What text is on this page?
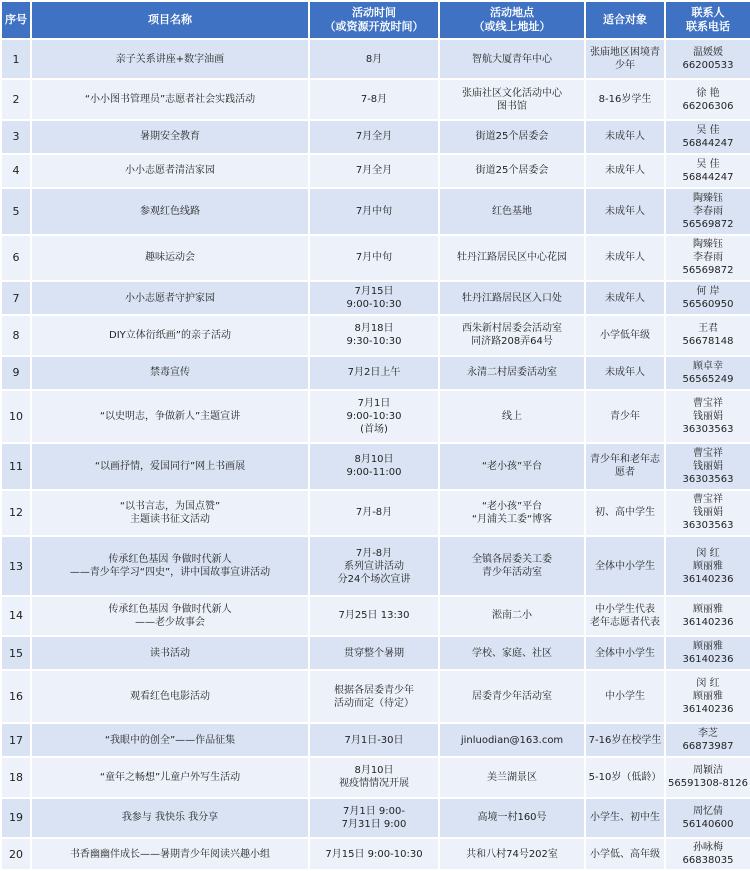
序号	项目名称	活动时间
（或资源开放时间）	活动地点
（或线上地址）	适合对象	联系人
联系电话
1	亲子关系讲座+数字油画	8月	智航大厦青年中心	张庙地区困境青少年	温媛媛
66200533
2	“小小图书管理员”志愿者社会实践活动	7-8月	张庙社区文化活动中心
图书馆	8-16岁学生	徐 艳
66206306
3	暑期安全教育	7月全月	街道25个居委会	未成年人	吴 佳
56844247
4	小小志愿者清洁家园	7月全月	街道25个居委会	未成年人	吴 佳
56844247
5	参观红色线路	7月中旬	红色基地	未成年人	陶臻钰
李春雨
56569872
6	趣味运动会	7月中旬	牡丹江路居民区中心花园	未成年人	陶臻钰
李春雨
56569872
7	小小志愿者守护家园	7月15日
9:00-10:30	牡丹江路居民区入口处	未成年人	何 岸
56560950
8	DIY立体衍纸画”的亲子活动	8月18日
9:30-10:30	西朱新村居委会活动室
同济路208弄64号	小学低年级	王君
56678148
9	禁毒宣传	7月2日上午	永清二村居委活动室	未成年人	顾卓幸
56565249
10	“以史明志，争做新人”主题宣讲	7月1日
9:00-10:30
(首场)	线上	青少年	曹宝祥
钱丽娟
36303563
11	“以画抒情，爱国同行”网上书画展	8月10日
9:00-11:00	“老小孩”平台	青少年和老年志愿者	曹宝祥
钱丽娟
36303563
12	“以书言志，为国点赞”
主题读书征文活动	7月-8月	“老小孩”平台
“月浦关工委“博客	初、高中学生	曹宝祥
钱丽娟
36303563
13	传承红色基因 争做时代新人
——青少年学习“四史”，讲中国故事宣讲活动	7月-8月
系列宣讲活动
分24个场次宣讲	全镇各居委关工委
青少年活动室	全体中小学生	闵 红
顾丽雅
36140236
14	传承红色基因 争做时代新人
——老少故事会	7月25日 13:30	淞南二小	中小学生代表
老年志愿者代表	顾丽雅
36140236
15	读书活动	贯穿整个暑期	学校、家庭、社区	全体中小学生	顾丽雅
36140236
16	观看红色电影活动	根据各居委青少年
活动而定（待定）	居委青少年活动室	中小学生	闵 红
顾丽雅
36140236
17	“我眼中的创全”——作品征集	7月1日-30日	jinluodian@163.com	7-16岁在校学生	李芝
66873987
18	“童年之畅想”儿童户外写生活动	8月10日
视疫情情况开展	美兰湖景区	5-10岁（低龄）	周颖洁
56591308-8126
19	我参与 我快乐 我分享	7月1日 9:00-
7月31日 9:00	高境一村160号	小学生、初中生	周忆倩
56140600
20	书香幽幽伴成长——暑期青少年阅读兴趣小组	7月15日 9:00-10:30	共和八村74号202室	小学低、高年级	孙咏梅
66838035
